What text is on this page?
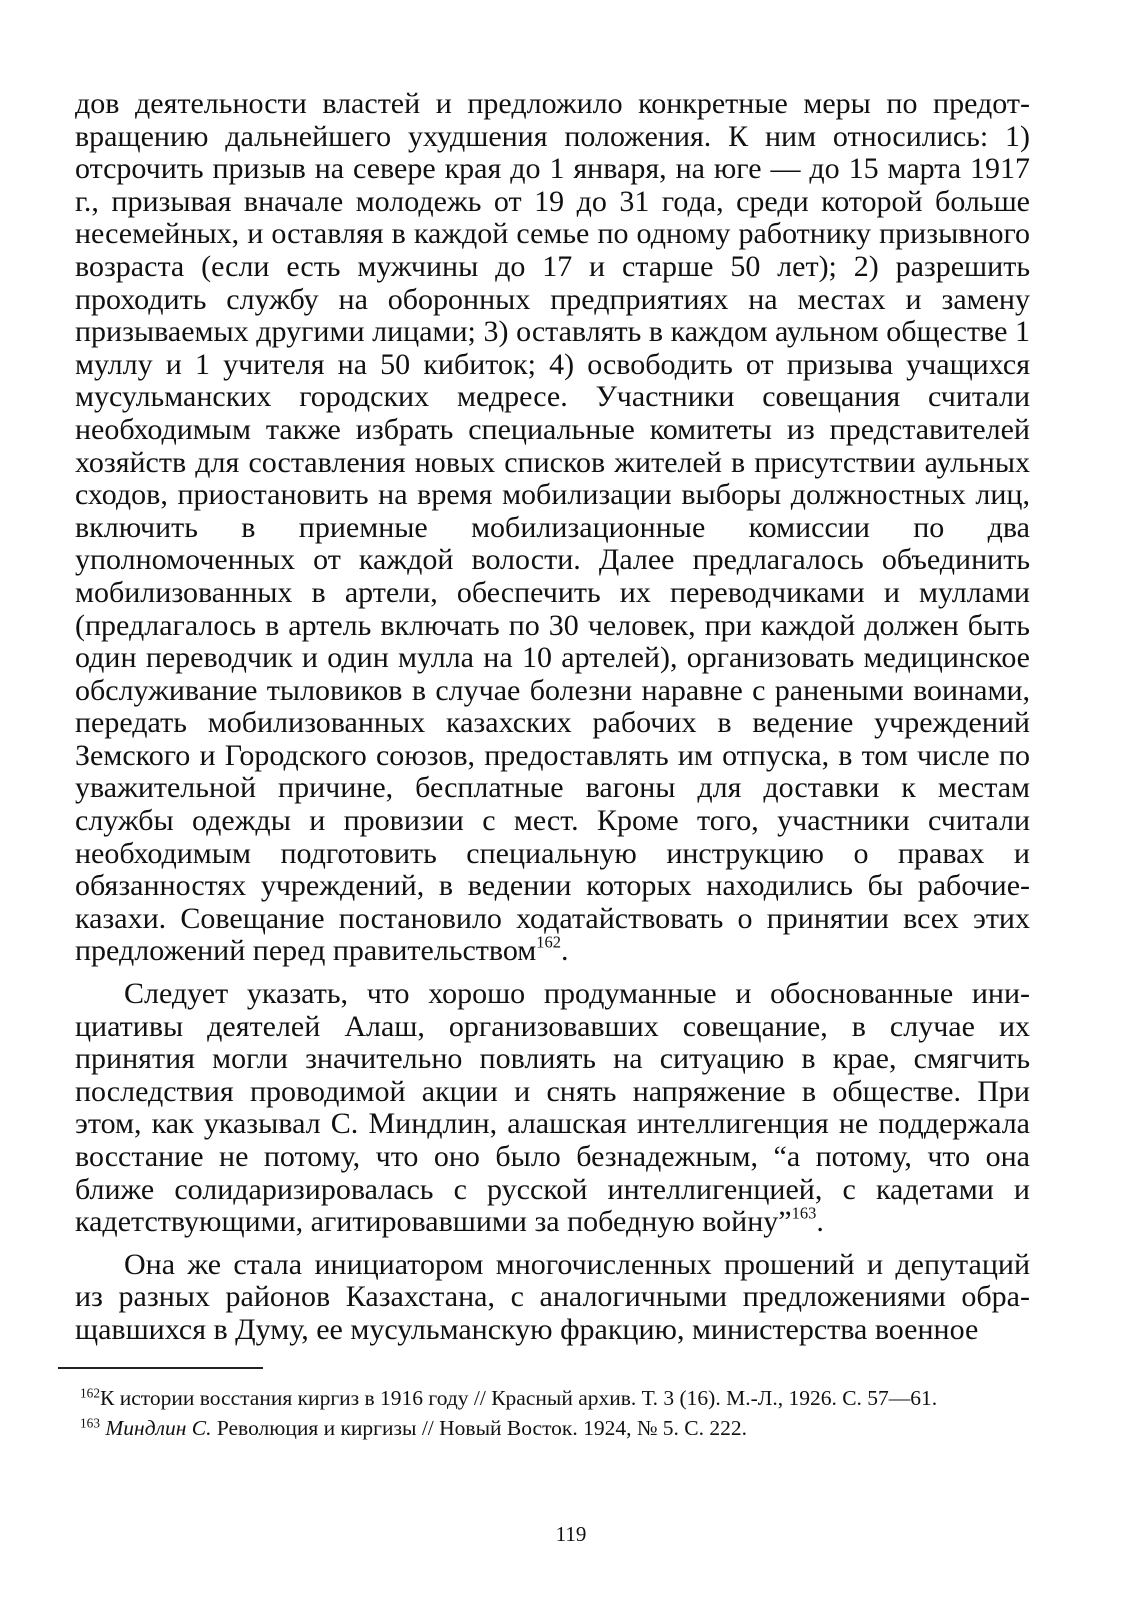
дов деятельности властей и предложило конкретные меры по предотвращению дальнейшего ухудшения положения. К ним относились: 1) отсрочить призыв на севере края до 1 января, на юге — до 15 марта 1917 г., призывая вначале молодежь от 19 до 31 года, среди которой больше несемейных, и оставляя в каждой семье по одному работнику призывного возраста (если есть мужчины до 17 и старше 50 лет); 2) разрешить проходить службу на оборонных предприятиях на местах и замену призываемых другими лицами; 3) оставлять в каждом аульном обществе 1 муллу и 1 учителя на 50 кибиток; 4) освободить от призыва учащихся мусульманских городских медресе. Участники совещания считали необходимым также избрать специальные комитеты из представителей хозяйств для составления новых списков жителей в присутствии аульных сходов, приостановить на время мобилизации выборы должностных лиц, включить в приемные мобилизационные комиссии по два уполномоченных от каждой волости. Далее предлагалось объединить мобилизованных в артели, обеспечить их переводчиками и муллами (предлагалось в артель включать по 30 человек, при каждой должен быть один переводчик и один мулла на 10 артелей), организовать медицинское обслуживание тыловиков в случае болезни наравне с ранеными воинами, передать мобилизованных казахских рабочих в ведение учреждений Земского и Городского союзов, предоставлять им отпуска, в том числе по уважительной причине, бесплатные вагоны для доставки к местам службы одежды и провизии с мест. Кроме того, участники считали необходимым подготовить специальную инструкцию о правах и обязанностях учреждений, в ведении которых находились бы рабочие-казахи. Совещание постановило ходатайствовать о принятии всех этих предложений перед правительством$^{162}$.

Следует указать, что хорошо продуманные и обоснованные инициативы деятелей Алаш, организовавших совещание, в случае их принятия могли значительно повлиять на ситуацию в крае, смягчить последствия проводимой акции и снять напряжение в обществе. При этом, как указывал С. Миндлин, алашская интеллигенция не поддержала восстание не потому, что оно было безнадежным, “а потому, что она ближе солидаризировалась с русской интеллигенцией, с кадетами и кадетствующими, агитировавшими за победную войну”$^{163}$.

Она же стала инициатором многочисленных прошений и депутаций из разных районов Казахстана, с аналогичными предложениями обращавшихся в Думу, ее мусульманскую фракцию, министерства военное

$^{162}$К истории восстания киргиз в 1916 году // Красный архив. Т. 3 (16). М.-Л., 1926. С. 57—61.

$^{163}$ Миндлин С. Революция и киргизы // Новый Восток. 1924, № 5. С. 222.

119
